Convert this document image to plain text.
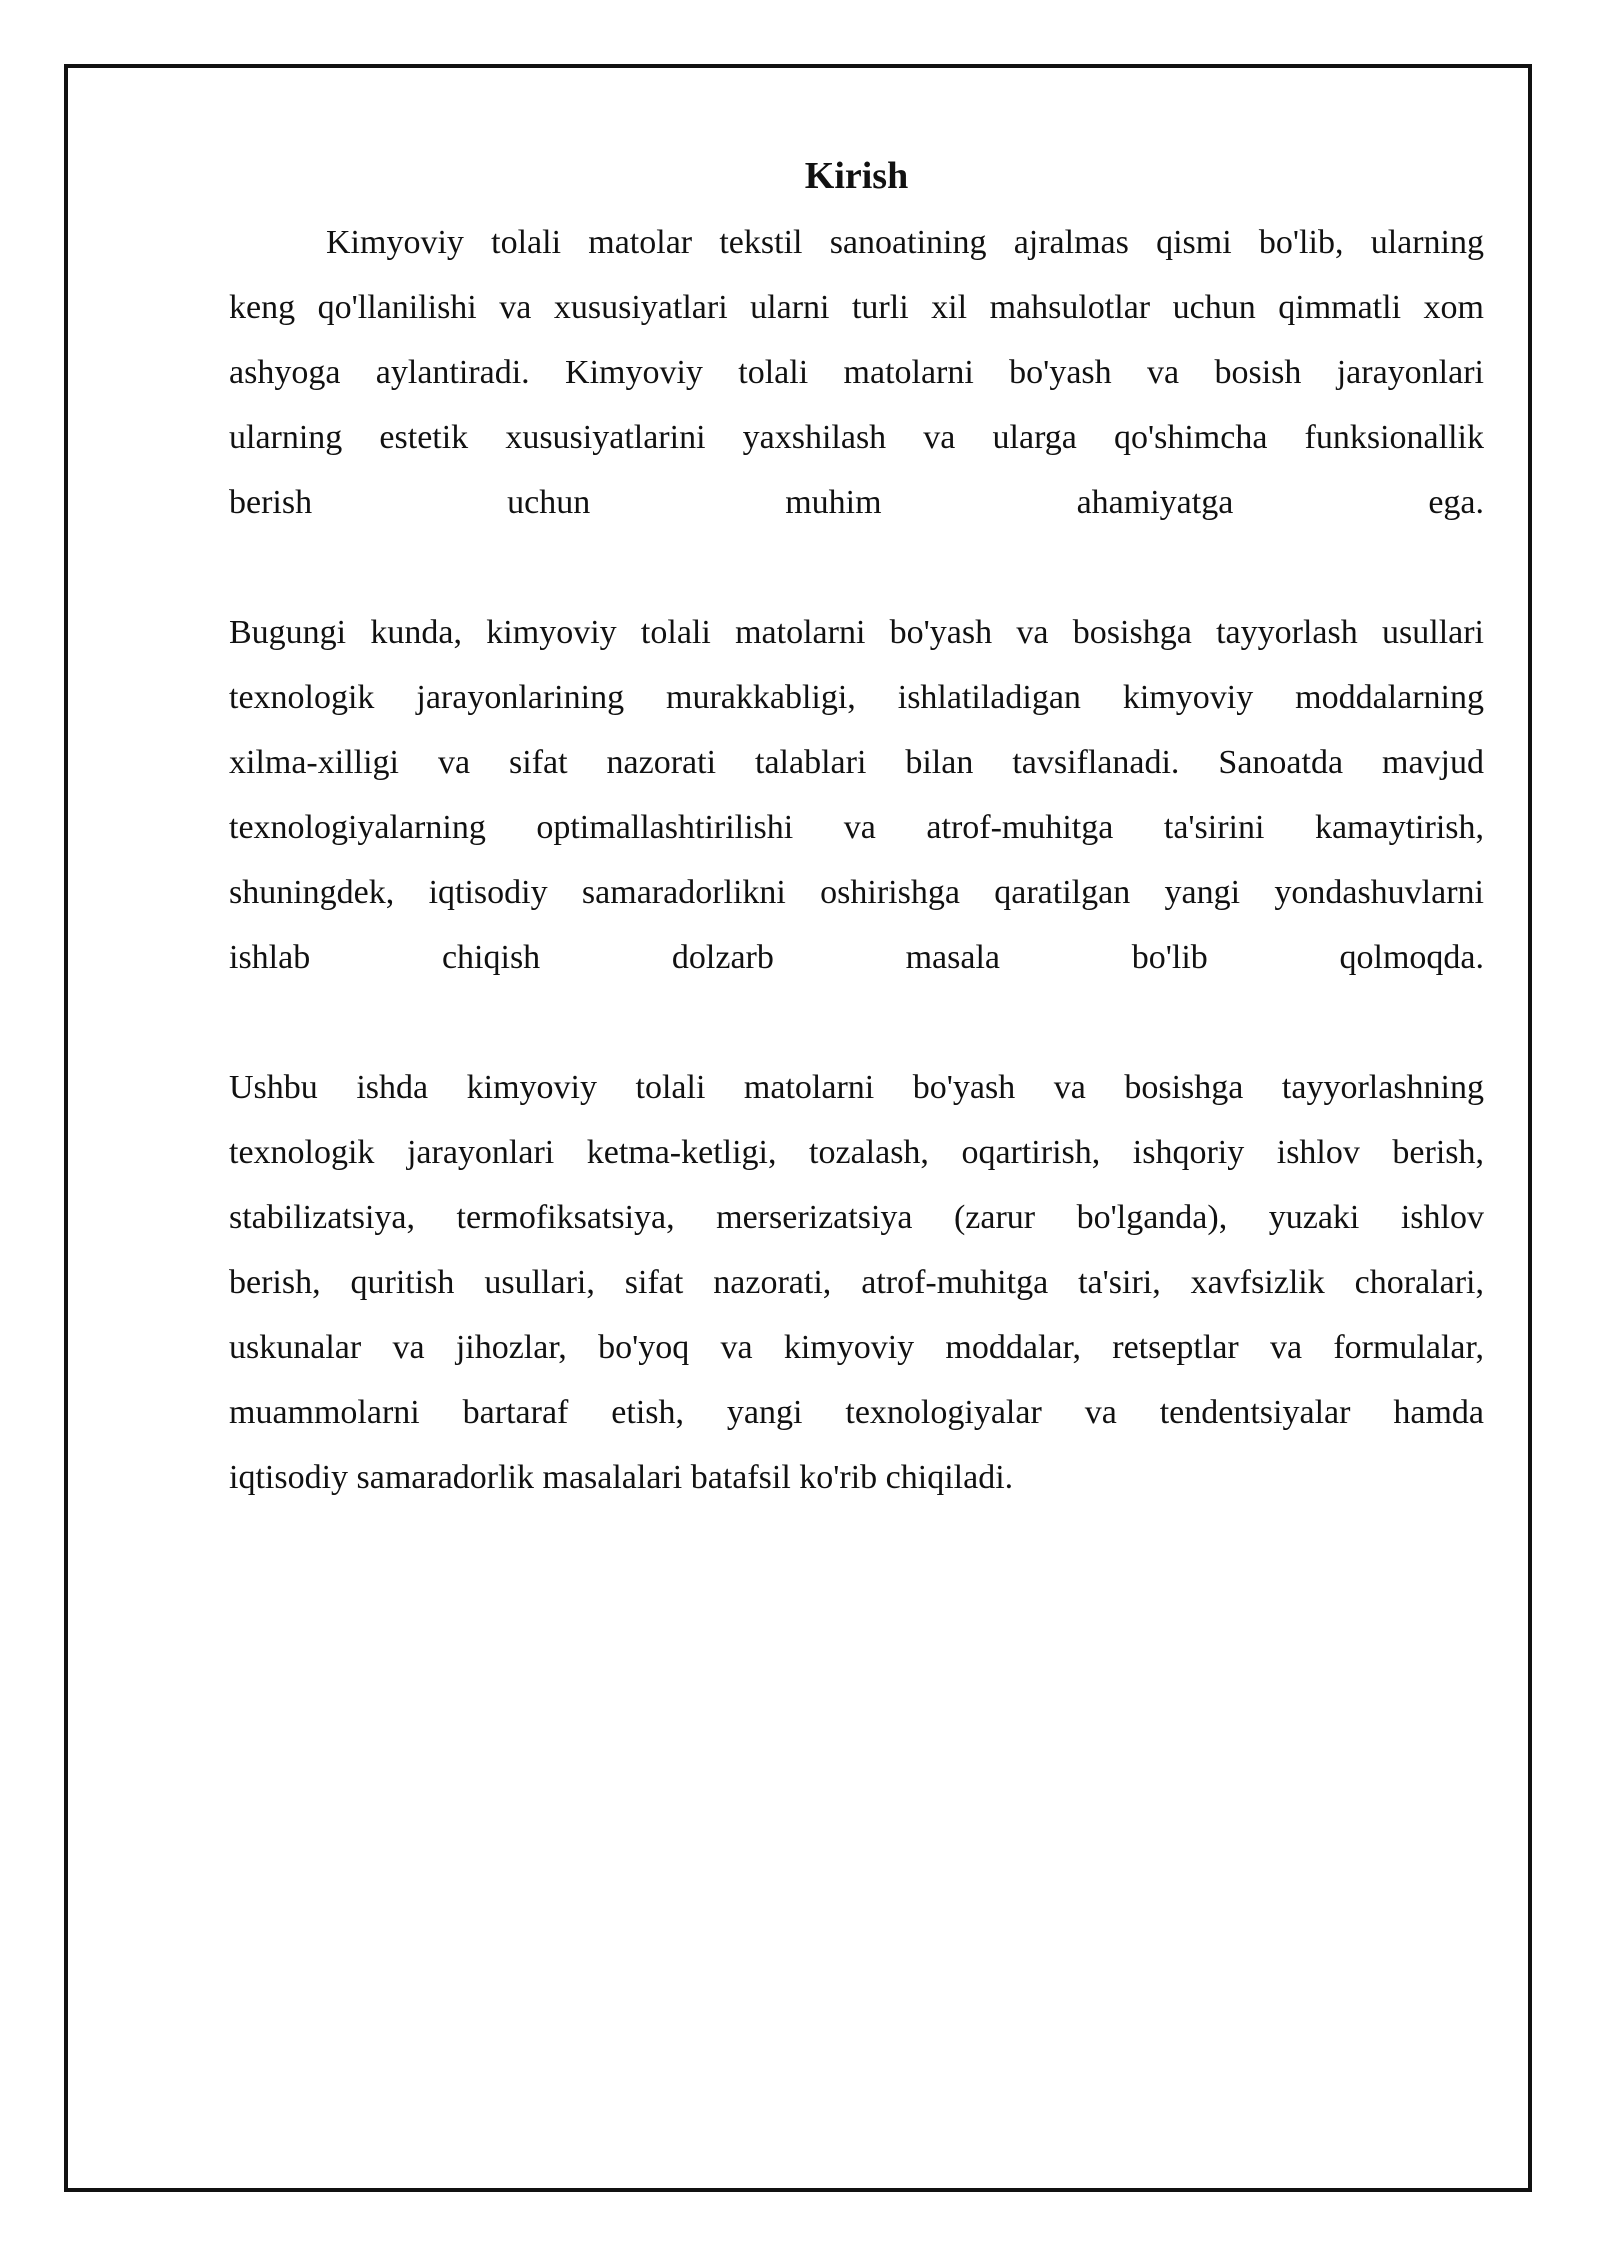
Kirish
Kimyoviy tolali matolar tekstil sanoatining ajralmas qismi bo'lib, ularning
keng qo'llanilishi va xususiyatlari ularni turli xil mahsulotlar uchun qimmatli xom
ashyoga aylantiradi. Kimyoviy tolali matolarni bo'yash va bosish jarayonlari
ularning estetik xususiyatlarini yaxshilash va ularga qo'shimcha funksionallik
berish uchun muhim ahamiyatga ega.
Bugungi kunda, kimyoviy tolali matolarni bo'yash va bosishga tayyorlash usullari
texnologik jarayonlarining murakkabligi, ishlatiladigan kimyoviy moddalarning
xilma-xilligi va sifat nazorati talablari bilan tavsiflanadi. Sanoatda mavjud
texnologiyalarning optimallashtirilishi va atrof-muhitga ta'sirini kamaytirish,
shuningdek, iqtisodiy samaradorlikni oshirishga qaratilgan yangi yondashuvlarni
ishlab chiqish dolzarb masala bo'lib qolmoqda.
Ushbu ishda kimyoviy tolali matolarni bo'yash va bosishga tayyorlashning
texnologik jarayonlari ketma-ketligi, tozalash, oqartirish, ishqoriy ishlov berish,
stabilizatsiya, termofiksatsiya, merserizatsiya (zarur bo'lganda), yuzaki ishlov
berish, quritish usullari, sifat nazorati, atrof-muhitga ta'siri, xavfsizlik choralari,
uskunalar va jihozlar, bo'yoq va kimyoviy moddalar, retseptlar va formulalar,
muammolarni bartaraf etish, yangi texnologiyalar va tendentsiyalar hamda
iqtisodiy samaradorlik masalalari batafsil ko'rib chiqiladi.
